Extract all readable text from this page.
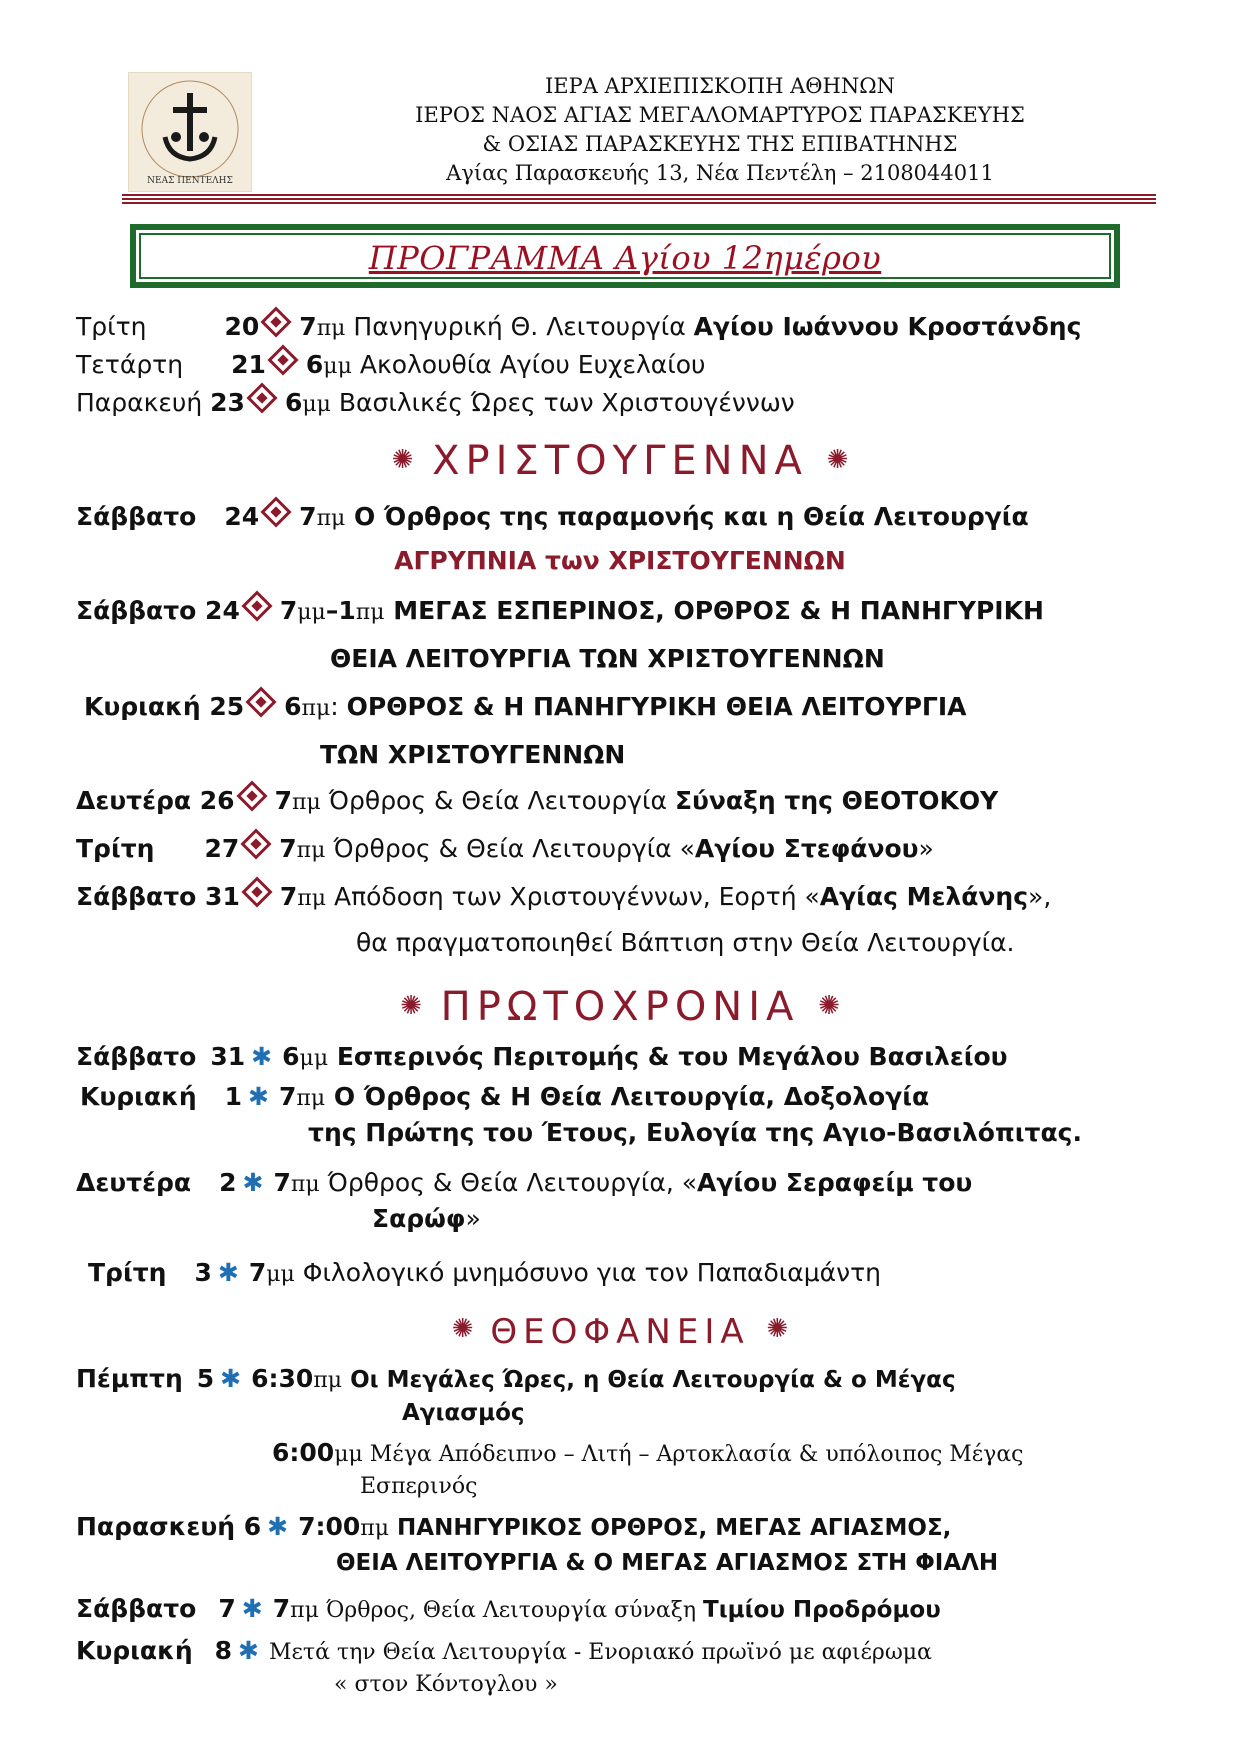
ΝΕΑΣ ΠΕΝΤΕΛΗΣ
ΙΕΡΑ ΑΡΧΙΕΠΙΣΚΟΠΗ ΑΘΗΝΩΝ
ΙΕΡΟΣ ΝΑΟΣ ΑΓΙΑΣ ΜΕΓΑΛΟΜΑΡΤΥΡΟΣ ΠΑΡΑΣΚΕΥΗΣ
& ΟΣΙΑΣ ΠΑΡΑΣΚΕΥΗΣ ΤΗΣ ΕΠΙΒΑΤΗΝΗΣ
Αγίας Παρασκευής 13, Νέα Πεντέλη – 2108044011
ΠΡΟΓΡΑΜΜΑ Αγίου 12ημέρου
Τρίτη	20 7πμ Πανηγυρική Θ. Λειτουργία Αγίου Ιωάννου Κροστάνδης
Τετάρτη 21 6μμ Ακολουθία Αγίου Ευχελαίου
Παρακευή 23 6μμ Βασιλικές Ώρες των Χριστουγέννων
✺ ΧΡΙΣΤΟΥΓΕΝΝΑ ✺
Σάββατο 24 7πμ Ο Όρθρος της παραμονής και η Θεία Λειτουργία
ΑΓΡΥΠΝΙΑ των ΧΡΙΣΤΟΥΓΕΝΝΩΝ
Σάββατο 24 7μμ–1πμ ΜΕΓΑΣ ΕΣΠΕΡΙΝΟΣ, ΟΡΘΡΟΣ & Η ΠΑΝΗΓΥΡΙΚΗ
ΘΕΙΑ ΛΕΙΤΟΥΡΓΙΑ ΤΩΝ ΧΡΙΣΤΟΥΓΕΝΝΩΝ
Κυριακή 25 6πμ: ΟΡΘΡΟΣ & Η ΠΑΝΗΓΥΡΙΚΗ ΘΕΙΑ ΛΕΙΤΟΥΡΓΙΑ
ΤΩΝ ΧΡΙΣΤΟΥΓΕΝΝΩΝ
Δευτέρα 26 7πμ Όρθρος & Θεία Λειτουργία Σύναξη της ΘΕΟΤΟΚΟΥ
Τρίτη 27 7πμ Όρθρος & Θεία Λειτουργία «Αγίου Στεφάνου»
Σάββατο 31 7πμ Απόδοση των Χριστουγέννων, Εορτή «Αγίας Μελάνης»,
θα πραγματοποιηθεί Βάπτιση στην Θεία Λειτουργία.
✺ ΠΡΩΤΟΧΡΟΝΙΑ ✺
Σάββατο 31 ✱ 6μμ Εσπερινός Περιτομής & του Μεγάλου Βασιλείου
Κυριακή 1 ✱ 7πμ Ο Όρθρος & Η Θεία Λειτουργία, Δοξολογία
της Πρώτης του Έτους, Ευλογία της Αγιο-Βασιλόπιτας.
Δευτέρα 2 ✱ 7πμ Όρθρος & Θεία Λειτουργία, «Αγίου Σεραφείμ του
Σαρώφ»
Τρίτη 3 ✱ 7μμ Φιλολογικό μνημόσυνο για τον Παπαδιαμάντη
✺ ΘΕΟΦΑΝΕΙΑ ✺
Πέμπτη 5 ✱ 6:30πμ Οι Μεγάλες Ώρες, η Θεία Λειτουργία & ο Μέγας
Αγιασμός
6:00μμ Μέγα Απόδειπνο – Λιτή – Αρτοκλασία & υπόλοιπος Μέγας
Εσπερινός
Παρασκευή 6 ✱ 7:00πμ ΠΑΝΗΓΥΡΙΚΟΣ ΟΡΘΡΟΣ, ΜΕΓΑΣ ΑΓΙΑΣΜΟΣ,
ΘΕΙΑ ΛΕΙΤΟΥΡΓΙΑ & Ο ΜΕΓΑΣ ΑΓΙΑΣΜΟΣ ΣΤΗ ΦΙΑΛΗ
Σάββατο 7 ✱ 7πμ Όρθρος, Θεία Λειτουργία σύναξη Τιμίου Προδρόμου
Κυριακή 8 ✱ Μετά την Θεία Λειτουργία - Ενοριακό πρωϊνό με αφιέρωμα
« στον Κόντογλου »
